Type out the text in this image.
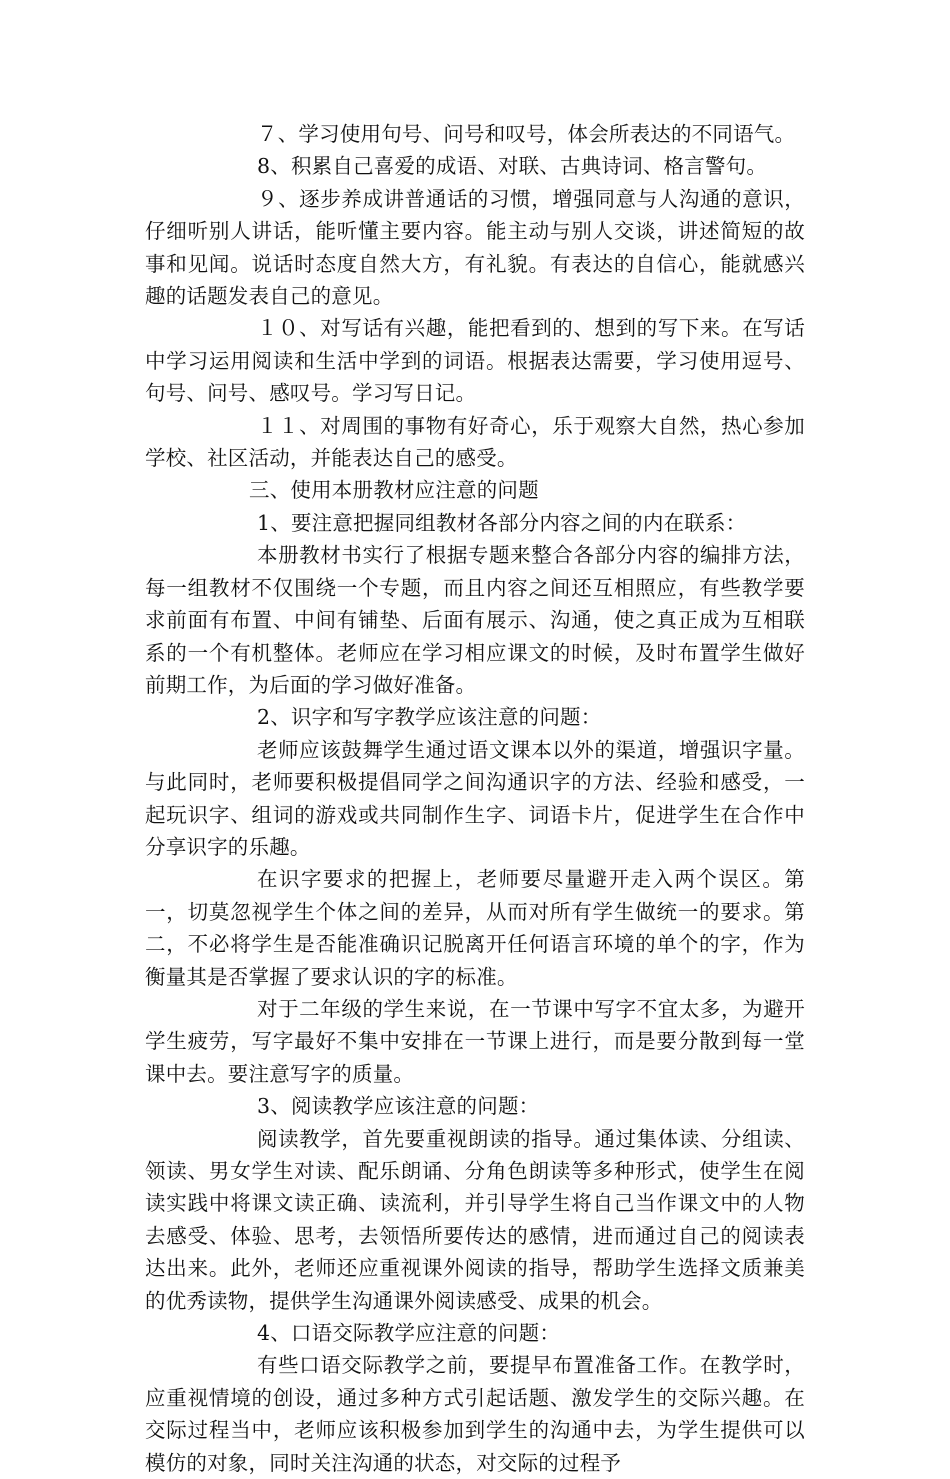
７、学习使用句号、问号和叹号，体会所表达的不同语气。

8、积累自己喜爱的成语、对联、古典诗词、格言警句。

９、逐步养成讲普通话的习惯，增强同意与人沟通的意识，仔细听别人讲话，能听懂主要内容。能主动与别人交谈，讲述简短的故事和见闻。说话时态度自然大方，有礼貌。有表达的自信心，能就感兴趣的话题发表自己的意见。

１０、对写话有兴趣，能把看到的、想到的写下来。在写话中学习运用阅读和生活中学到的词语。根据表达需要，学习使用逗号、句号、问号、感叹号。学习写日记。

１１、对周围的事物有好奇心，乐于观察大自然，热心参加学校、社区活动，并能表达自己的感受。

三、使用本册教材应注意的问题

1、要注意把握同组教材各部分内容之间的内在联系：

本册教材书实行了根据专题来整合各部分内容的编排方法，每一组教材不仅围绕一个专题，而且内容之间还互相照应，有些教学要求前面有布置、中间有铺垫、后面有展示、沟通，使之真正成为互相联系的一个有机整体。老师应在学习相应课文的时候，及时布置学生做好前期工作，为后面的学习做好准备。

2、识字和写字教学应该注意的问题：

老师应该鼓舞学生通过语文课本以外的渠道，增强识字量。与此同时，老师要积极提倡同学之间沟通识字的方法、经验和感受，一起玩识字、组词的游戏或共同制作生字、词语卡片，促进学生在合作中分享识字的乐趣。

在识字要求的把握上，老师要尽量避开走入两个误区。第一，切莫忽视学生个体之间的差异，从而对所有学生做统一的要求。第二，不必将学生是否能准确识记脱离开任何语言环境的单个的字，作为衡量其是否掌握了要求认识的字的标准。

对于二年级的学生来说，在一节课中写字不宜太多，为避开学生疲劳，写字最好不集中安排在一节课上进行，而是要分散到每一堂课中去。要注意写字的质量。

3、阅读教学应该注意的问题：

阅读教学，首先要重视朗读的指导。通过集体读、分组读、领读、男女学生对读、配乐朗诵、分角色朗读等多种形式，使学生在阅读实践中将课文读正确、读流利，并引导学生将自己当作课文中的人物去感受、体验、思考，去领悟所要传达的感情，进而通过自己的阅读表达出来。此外，老师还应重视课外阅读的指导，帮助学生选择文质兼美的优秀读物，提供学生沟通课外阅读感受、成果的机会。

4、口语交际教学应注意的问题：

有些口语交际教学之前，要提早布置准备工作。在教学时，应重视情境的创设，通过多种方式引起话题、激发学生的交际兴趣。在交际过程当中，老师应该积极参加到学生的沟通中去，为学生提供可以模仿的对象，同时关注沟通的状态，对交际的过程予
